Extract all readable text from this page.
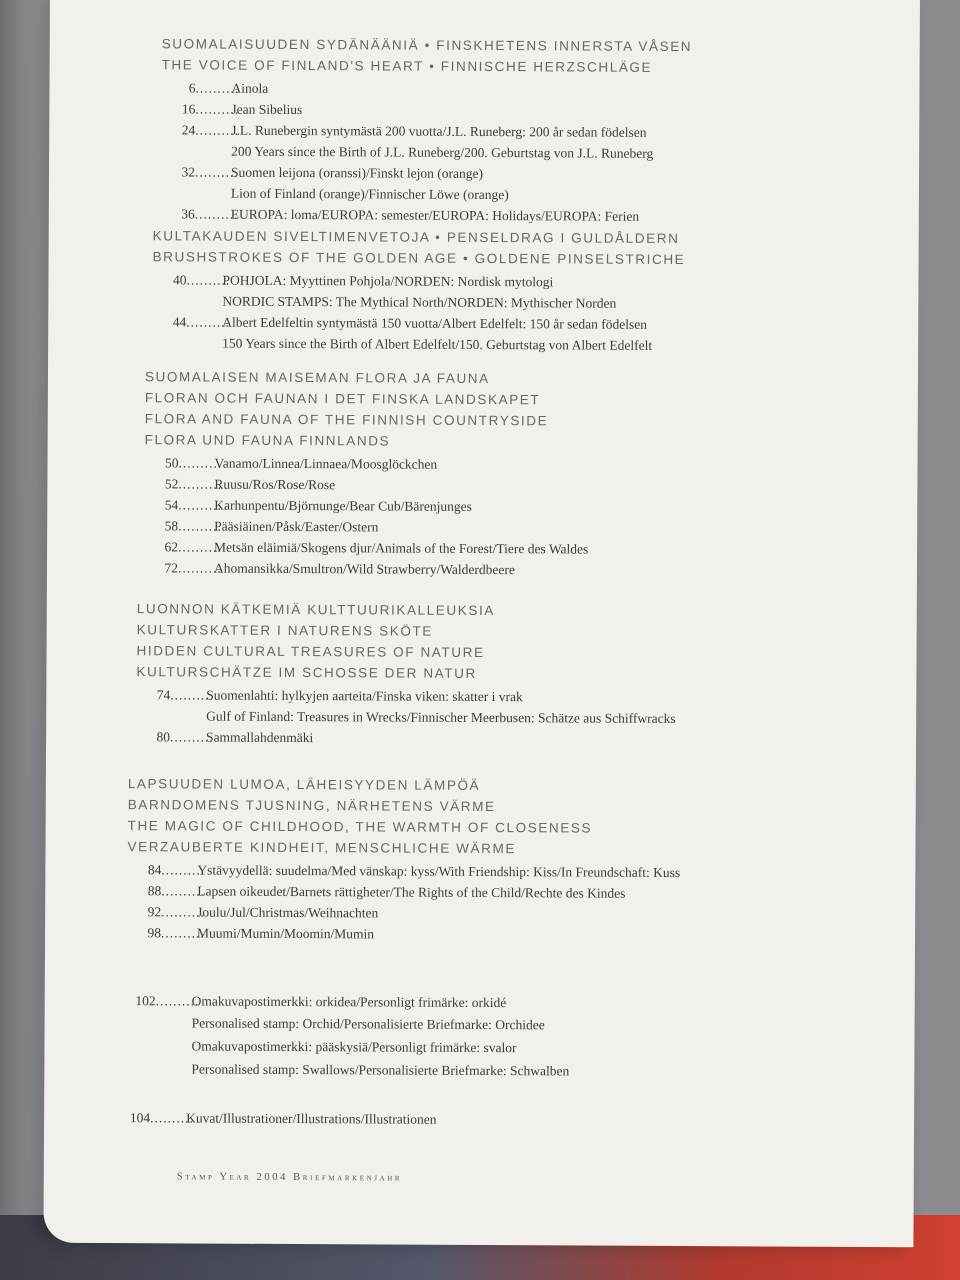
SUOMALAISUUDEN SYDÄNÄÄNIÄ • FINSKHETENS INNERSTA VÅSEN
THE VOICE OF FINLAND'S HEART • FINNISCHE HERZSCHLÄGE
6..........Ainola
16..........Jean Sibelius
24..........J.L. Runebergin syntymästä 200 vuotta/J.L. Runeberg: 200 år sedan födelsen
200 Years since the Birth of J.L. Runeberg/200. Geburtstag von J.L. Runeberg
32..........Suomen leijona (oranssi)/Finskt lejon (orange)
Lion of Finland (orange)/Finnischer Löwe (orange)
36..........EUROPA: loma/EUROPA: semester/EUROPA: Holidays/EUROPA: Ferien
KULTAKAUDEN SIVELTIMENVETOJA • PENSELDRAG I GULDÅLDERN
BRUSHSTROKES OF THE GOLDEN AGE • GOLDENE PINSELSTRICHE
40..........POHJOLA: Myyttinen Pohjola/NORDEN: Nordisk mytologi
NORDIC STAMPS: The Mythical North/NORDEN: Mythischer Norden
44..........Albert Edelfeltin syntymästä 150 vuotta/Albert Edelfelt: 150 år sedan födelsen
150 Years since the Birth of Albert Edelfelt/150. Geburtstag von Albert Edelfelt
SUOMALAISEN MAISEMAN FLORA JA FAUNA
FLORAN OCH FAUNAN I DET FINSKA LANDSKAPET
FLORA AND FAUNA OF THE FINNISH COUNTRYSIDE
FLORA UND FAUNA FINNLANDS
50..........Vanamo/Linnea/Linnaea/Moosglöckchen
52..........Ruusu/Ros/Rose/Rose
54..........Karhunpentu/Björnunge/Bear Cub/Bärenjunges
58..........Pääsiäinen/Påsk/Easter/Ostern
62..........Metsän eläimiä/Skogens djur/Animals of the Forest/Tiere des Waldes
72..........Ahomansikka/Smultron/Wild Strawberry/Walderdbeere
LUONNON KÄTKEMIÄ KULTTUURIKALLEUKSIA
KULTURSKATTER I NATURENS SKÖTE
HIDDEN CULTURAL TREASURES OF NATURE
KULTURSCHÄTZE IM SCHOSSE DER NATUR
74..........Suomenlahti: hylkyjen aarteita/Finska viken: skatter i vrak
Gulf of Finland: Treasures in Wrecks/Finnischer Meerbusen: Schätze aus Schiffwracks
80..........Sammallahdenmäki
LAPSUUDEN LUMOA, LÄHEISYYDEN LÄMPÖÄ
BARNDOMENS TJUSNING, NÄRHETENS VÄRME
THE MAGIC OF CHILDHOOD, THE WARMTH OF CLOSENESS
VERZAUBERTE KINDHEIT, MENSCHLICHE WÄRME
84..........Ystävyydellä: suudelma/Med vänskap: kyss/With Friendship: Kiss/In Freundschaft: Kuss
88..........Lapsen oikeudet/Barnets rättigheter/The Rights of the Child/Rechte des Kindes
92..........Joulu/Jul/Christmas/Weihnachten
98..........Muumi/Mumin/Moomin/Mumin
102..........Omakuvapostimerkki: orkidea/Personligt frimärke: orkidé
Personalised stamp: Orchid/Personalisierte Briefmarke: Orchidee
Omakuvapostimerkki: pääskysiä/Personligt frimärke: svalor
Personalised stamp: Swallows/Personalisierte Briefmarke: Schwalben
104..........Kuvat/Illustrationer/Illustrations/Illustrationen
Stamp Year 2004 Briefmarkenjahr
